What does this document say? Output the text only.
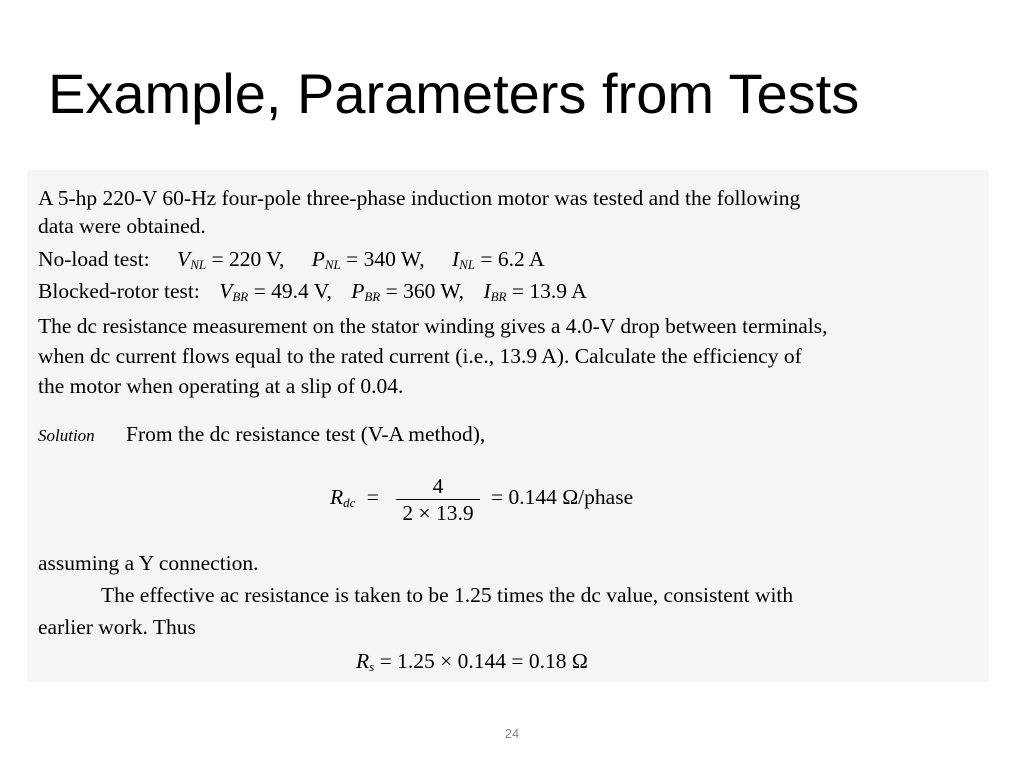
Example, Parameters from Tests
A 5-hp 220-V 60-Hz four-pole three-phase induction motor was tested and the following
data were obtained.
No-load test: $V_{NL} = 220$ V, $P_{NL} = 340$ W, $I_{NL} = 6.2$ A
Blocked-rotor test: $V_{BR} = 49.4$ V, $P_{BR} = 360$ W, $I_{BR} = 13.9$ A
The dc resistance measurement on the stator winding gives a 4.0-V drop between terminals,
when dc current flows equal to the rated current (i.e., 13.9 A). Calculate the efficiency of
the motor when operating at a slip of 0.04.
Solution From the dc resistance test (V-A method),
$R_{dc} = \frac{4}{2 \times 13.9} = 0.144$ Ω/phase
assuming a Y connection.
The effective ac resistance is taken to be 1.25 times the dc value, consistent with
earlier work. Thus
$R_s = 1.25 \times 0.144 = 0.18$ Ω
24
